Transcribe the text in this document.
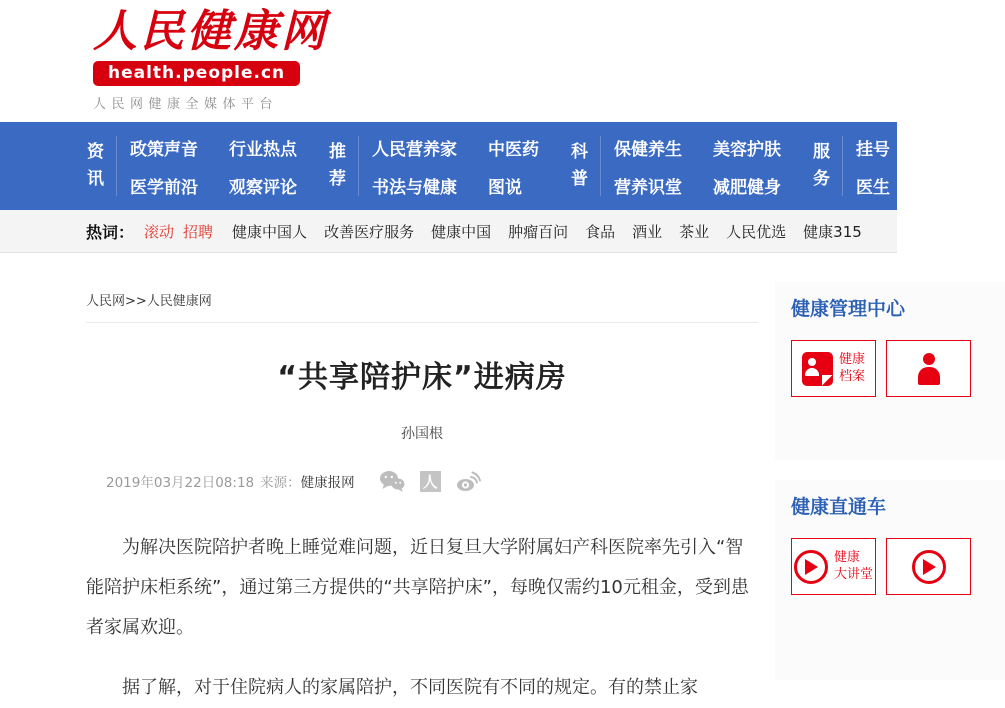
人民健康网
health.people.cn
人民网健康全媒体平台
资
讯
政策声音
医学前沿
行业热点
观察评论
推
荐
人民营养家
书法与健康
中医药
图说
科
普
保健养生
营养识堂
美容护肤
减肥健身
服
务
挂号
医生
百科
百问
热词： 滚动 招聘 健康中国人 改善医疗服务 健康中国 肿瘤百问 食品 酒业 茶业 人民优选 健康315
人民网>>人民健康网
“共享陪护床”进病房
孙国根
2019年03月22日08:18 来源： 健康报网	人

为解决医院陪护者晚上睡觉难问题，近日复旦大学附属妇产科医院率先引入“智能陪护床柜系统”，通过第三方提供的“共享陪护床”，每晚仅需约10元租金，受到患者家属欢迎。

据了解，对于住院病人的家属陪护，不同医院有不同的规定。有的禁止家

健康管理中心
健康
档案
健康直通车
健康
大讲堂
